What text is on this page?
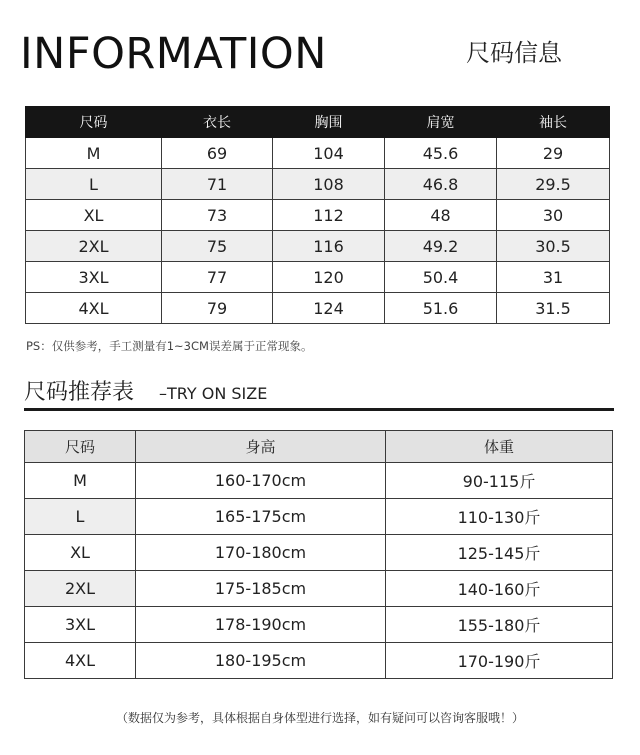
INFORMATION	尺码信息
尺码	衣长	胸围	肩宽	袖长
M	69	104	45.6	29
L	71	108	46.8	29.5
XL	73	112	48	30
2XL	75	116	49.2	30.5
3XL	77	120	50.4	31
4XL	79	124	51.6	31.5
PS：仅供参考，手工测量有1~3CM误差属于正常现象。
尺码推荐表 –TRY ON SIZE
尺码	身高	体重
M	160-170cm	90-115斤
L	165-175cm	110-130斤
XL	170-180cm	125-145斤
2XL	175-185cm	140-160斤
3XL	178-190cm	155-180斤
4XL	180-195cm	170-190斤
（数据仅为参考，具体根据自身体型进行选择，如有疑问可以咨询客服哦！）
